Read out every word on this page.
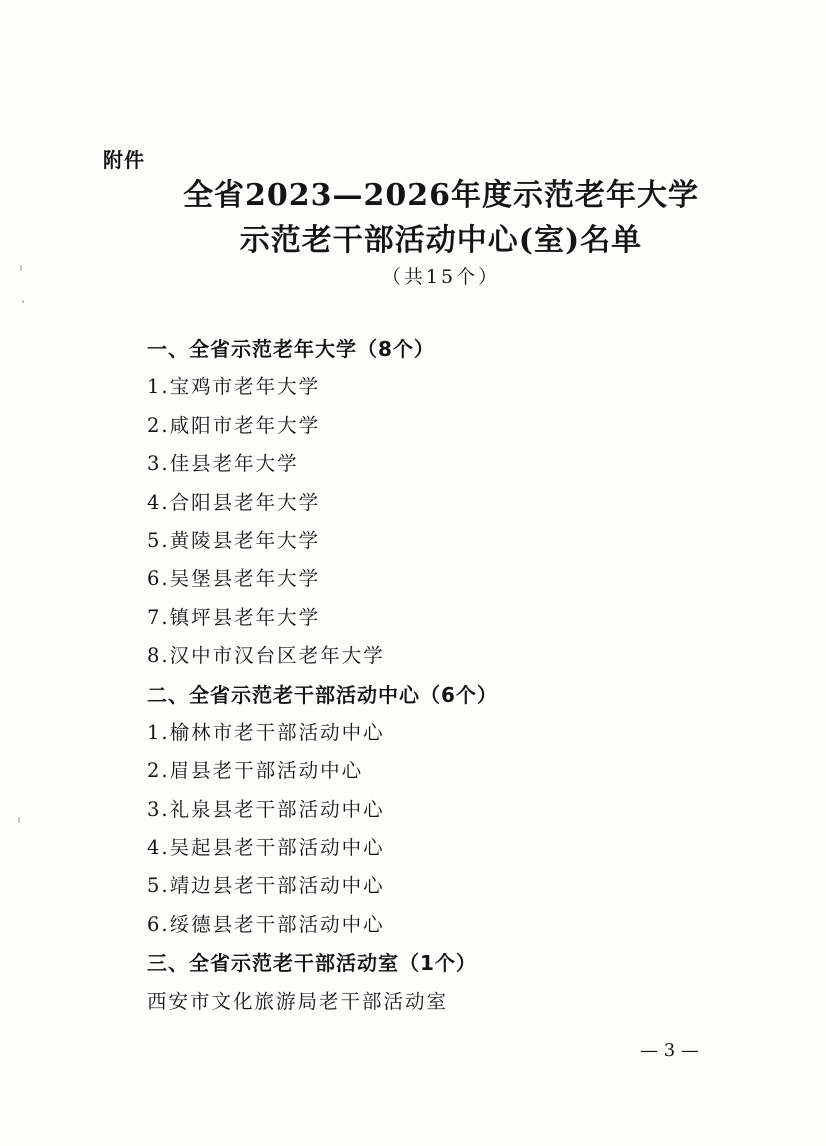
附件
全省2023—2026年度示范老年大学
示范老干部活动中心(室)名单
（共15个）
一、全省示范老年大学（8个）
1.宝鸡市老年大学
2.咸阳市老年大学
3.佳县老年大学
4.合阳县老年大学
5.黄陵县老年大学
6.吴堡县老年大学
7.镇坪县老年大学
8.汉中市汉台区老年大学
二、全省示范老干部活动中心（6个）
1.榆林市老干部活动中心
2.眉县老干部活动中心
3.礼泉县老干部活动中心
4.吴起县老干部活动中心
5.靖边县老干部活动中心
6.绥德县老干部活动中心
三、全省示范老干部活动室（1个）
西安市文化旅游局老干部活动室
— 3 —
